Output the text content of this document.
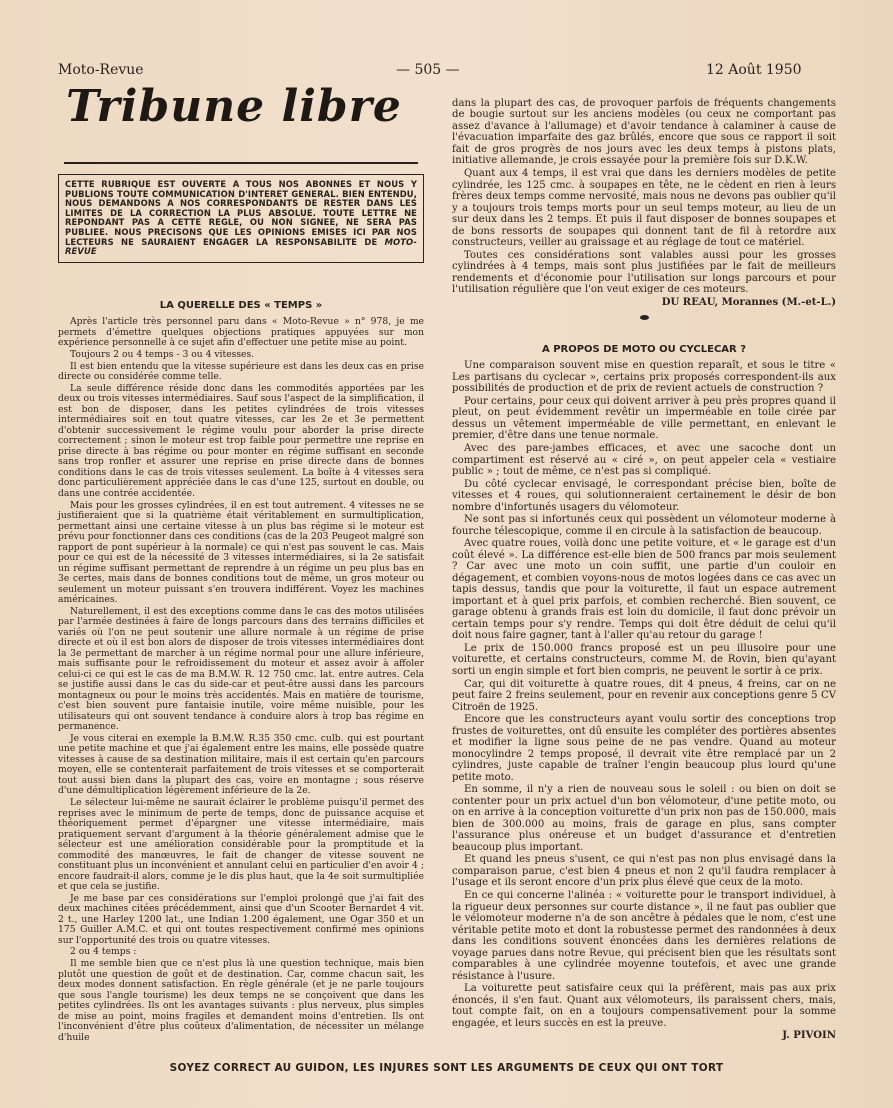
Moto-Revue	— 505 —	12 Août 1950
Tribune libre
CETTE RUBRIQUE EST OUVERTE A TOUS NOS ABONNES ET NOUS Y PUBLIONS TOUTE COMMUNICATION D'INTERET GENERAL. BIEN ENTENDU, NOUS DEMANDONS A NOS CORRESPONDANTS DE RESTER DANS LES LIMITES DE LA CORRECTION LA PLUS ABSOLUE. TOUTE LETTRE NE REPONDANT PAS A CETTE REGLE, OU NON SIGNEE, NE SERA PAS PUBLIEE. NOUS PRECISONS QUE LES OPINIONS EMISES ICI PAR NOS LECTEURS NE SAURAIENT ENGAGER LA RESPONSABILITE DE MOTO-REVUE
LA QUERELLE DES « TEMPS »

Après l'article très personnel paru dans « Moto-Revue » n° 978, je me permets d'émettre quelques objections pratiques appuyées sur mon expérience personnelle à ce sujet afin d'effectuer une petite mise au point.

Toujours 2 ou 4 temps - 3 ou 4 vitesses.

Il est bien entendu que la vitesse supérieure est dans les deux cas en prise directe ou considérée comme telle.

La seule différence réside donc dans les commodités apportées par les deux ou trois vitesses intermédiaires. Sauf sous l'aspect de la simplification, il est bon de disposer, dans les petites cylindrées de trois vitesses intermédiaires soit en tout quatre vitesses, car les 2e et 3e permettent d'obtenir successivement le régime voulu pour aborder la prise directe correctement ; sinon le moteur est trop faible pour permettre une reprise en prise directe à bas régime ou pour monter en régime suffisant en seconde sans trop ronfler et assurer une reprise en prise directe dans de bonnes conditions dans le cas de trois vitesses seulement. La boîte à 4 vitesses sera donc particulièrement appréciée dans le cas d'une 125, surtout en double, ou dans une contrée accidentée.

Mais pour les grosses cylindrées, il en est tout autrement. 4 vitesses ne se justifieraient que si la quatrième était véritablement en surmultiplication, permettant ainsi une certaine vitesse à un plus bas régime si le moteur est prévu pour fonctionner dans ces conditions (cas de la 203 Peugeot malgré son rapport de pont supérieur à la normale) ce qui n'est pas souvent le cas. Mais pour ce qui est de la nécessité de 3 vitesses intermédiaires, si la 2e satisfait un régime suffisant permettant de reprendre à un régime un peu plus bas en 3e certes, mais dans de bonnes conditions tout de même, un gros moteur ou seulement un moteur puissant s'en trouvera indifférent. Voyez les machines américaines.

Naturellement, il est des exceptions comme dans le cas des motos utilisées par l'armée destinées à faire de longs parcours dans des terrains difficiles et variés où l'on ne peut soutenir une allure normale à un régime de prise directe et où il est bon alors de disposer de trois vitesses intermédiaires dont la 3e permettant de marcher à un régime normal pour une allure inférieure, mais suffisante pour le refroidissement du moteur et assez avoir à affoler celui-ci ce qui est le cas de ma B.M.W. R. 12 750 cmc. lat. entre autres. Cela se justifie aussi dans le cas du side-car et peut-être aussi dans les parcours montagneux ou pour le moins très accidentés. Mais en matière de tourisme, c'est bien souvent pure fantaisie inutile, voire même nuisible, pour les utilisateurs qui ont souvent tendance à conduire alors à trop bas régime en permanence.

Je vous citerai en exemple la B.M.W. R.35 350 cmc. culb. qui est pourtant une petite machine et que j'ai également entre les mains, elle possède quatre vitesses à cause de sa destination militaire, mais il est certain qu'en parcours moyen, elle se contenterait parfaitement de trois vitesses et se comporterait tout aussi bien dans la plupart des cas, voire en montagne ; sous réserve d'une démultiplication légèrement inférieure de la 2e.

Le sélecteur lui-même ne saurait éclairer le problème puisqu'il permet des reprises avec le minimum de perte de temps, donc de puissance acquise et théoriquement permet d'épargner une vitesse intermédiaire, mais pratiquement servant d'argument à la théorie généralement admise que le sélecteur est une amélioration considérable pour la promptitude et la commodité des manœuvres, le fait de changer de vitesse souvent ne constituant plus un inconvénient et annulant celui en particulier d'en avoir 4 ; encore faudrait-il alors, comme je le dis plus haut, que la 4e soit surmultipliée et que cela se justifie.

Je me base par ces considérations sur l'emploi prolongé que j'ai fait des deux machines citées précédemment, ainsi que d'un Scooter Bernardet 4 vit. 2 t., une Harley 1200 lat., une Indian 1.200 également, une Ogar 350 et un 175 Guiller A.M.C. et qui ont toutes respectivement confirmé mes opinions sur l'opportunité des trois ou quatre vitesses.

2 ou 4 temps :

Il me semble bien que ce n'est plus là une question technique, mais bien plutôt une question de goût et de destination. Car, comme chacun sait, les deux modes donnent satisfaction. En règle générale (et je ne parle toujours que sous l'angle tourisme) les deux temps ne se conçoivent que dans les petites cylindrées. Ils ont les avantages suivants : plus nerveux, plus simples de mise au point, moins fragiles et demandent moins d'entretien. Ils ont l'inconvénient d'être plus coûteux d'alimentation, de nécessiter un mélange d'huile

dans la plupart des cas, de provoquer parfois de fréquents changements de bougie surtout sur les anciens modèles (ou ceux ne comportant pas assez d'avance à l'allumage) et d'avoir tendance à calaminer à cause de l'évacuation imparfaite des gaz brûlés, encore que sous ce rapport il soit fait de gros progrès de nos jours avec les deux temps à pistons plats, initiative allemande, je crois essayée pour la première fois sur D.K.W.

Quant aux 4 temps, il est vrai que dans les derniers modèles de petite cylindrée, les 125 cmc. à soupapes en tête, ne le cèdent en rien à leurs frères deux temps comme nervosité, mais nous ne devons pas oublier qu'il y a toujours trois temps morts pour un seul temps moteur, au lieu de un sur deux dans les 2 temps. Et puis il faut disposer de bonnes soupapes et de bons ressorts de soupapes qui donnent tant de fil à retordre aux constructeurs, veiller au graissage et au réglage de tout ce matériel.

Toutes ces considérations sont valables aussi pour les grosses cylindrées à 4 temps, mais sont plus justifiées par le fait de meilleurs rendements et d'économie pour l'utilisation sur longs parcours et pour l'utilisation régulière que l'on veut exiger de ces moteurs.

DU REAU, Morannes (M.-et-L.)

A PROPOS DE MOTO OU CYCLECAR ?

Une comparaison souvent mise en question reparaît, et sous le titre « Les partisans du cyclecar », certains prix proposés correspondent-ils aux possibilités de production et de prix de revient actuels de construction ?

Pour certains, pour ceux qui doivent arriver à peu près propres quand il pleut, on peut évidemment revêtir un imperméable en toile cirée par dessus un vêtement imperméable de ville permettant, en enlevant le premier, d'être dans une tenue normale.

Avec des pare-jambes efficaces, et avec une sacoche dont un compartiment est réservé au « ciré », on peut appeler cela « vestiaire public » ; tout de même, ce n'est pas si compliqué.

Du côté cyclecar envisagé, le correspondant précise bien, boîte de vitesses et 4 roues, qui solutionneraient certainement le désir de bon nombre d'infortunés usagers du vélomoteur.

Ne sont pas si infortunés ceux qui possèdent un vélomoteur moderne à fourche télescopique, comme il en circule à la satisfaction de beaucoup.

Avec quatre roues, voilà donc une petite voiture, et « le garage est d'un coût élevé ». La différence est-elle bien de 500 francs par mois seulement ? Car avec une moto un coin suffit, une partie d'un couloir en dégagement, et combien voyons-nous de motos logées dans ce cas avec un tapis dessus, tandis que pour la voiturette, il faut un espace autrement important et à quel prix parfois, et combien recherché. Bien souvent, ce garage obtenu à grands frais est loin du domicile, il faut donc prévoir un certain temps pour s'y rendre. Temps qui doit être déduit de celui qu'il doit nous faire gagner, tant à l'aller qu'au retour du garage !

Le prix de 150.000 francs proposé est un peu illusoire pour une voiturette, et certains constructeurs, comme M. de Rovin, bien qu'ayant sorti un engin simple et fort bien compris, ne peuvent le sortir à ce prix.

Car, qui dit voiturette à quatre roues, dit 4 pneus, 4 freins, car on ne peut faire 2 freins seulement, pour en revenir aux conceptions genre 5 CV Citroën de 1925.

Encore que les constructeurs ayant voulu sortir des conceptions trop frustes de voiturettes, ont dû ensuite les compléter des portières absentes et modifier la ligne sous peine de ne pas vendre. Quand au moteur monocylindre 2 temps proposé, il devrait vite être remplacé par un 2 cylindres, juste capable de traîner l'engin beaucoup plus lourd qu'une petite moto.

En somme, il n'y a rien de nouveau sous le soleil : ou bien on doit se contenter pour un prix actuel d'un bon vélomoteur, d'une petite moto, ou on en arrive à la conception voiturette d'un prix non pas de 150.000, mais bien de 300.000 au moins, frais de garage en plus, sans compter l'assurance plus onéreuse et un budget d'assurance et d'entretien beaucoup plus important.

Et quand les pneus s'usent, ce qui n'est pas non plus envisagé dans la comparaison parue, c'est bien 4 pneus et non 2 qu'il faudra remplacer à l'usage et ils seront encore d'un prix plus élevé que ceux de la moto.

En ce qui concerne l'alinéa : « voiturette pour le transport individuel, à la rigueur deux personnes sur courte distance », il ne faut pas oublier que le vélomoteur moderne n'a de son ancêtre à pédales que le nom, c'est une véritable petite moto et dont la robustesse permet des randonnées à deux dans les conditions souvent énoncées dans les dernières relations de voyage parues dans notre Revue, qui précisent bien que les résultats sont comparables à une cylindrée moyenne toutefois, et avec une grande résistance à l'usure.

La voiturette peut satisfaire ceux qui la préfèrent, mais pas aux prix énoncés, il s'en faut. Quant aux vélomoteurs, ils paraissent chers, mais, tout compte fait, on en a toujours compensativement pour la somme engagée, et leurs succès en est la preuve.

J. PIVOIN

SOYEZ CORRECT AU GUIDON, LES INJURES SONT LES ARGUMENTS DE CEUX QUI ONT TORT
